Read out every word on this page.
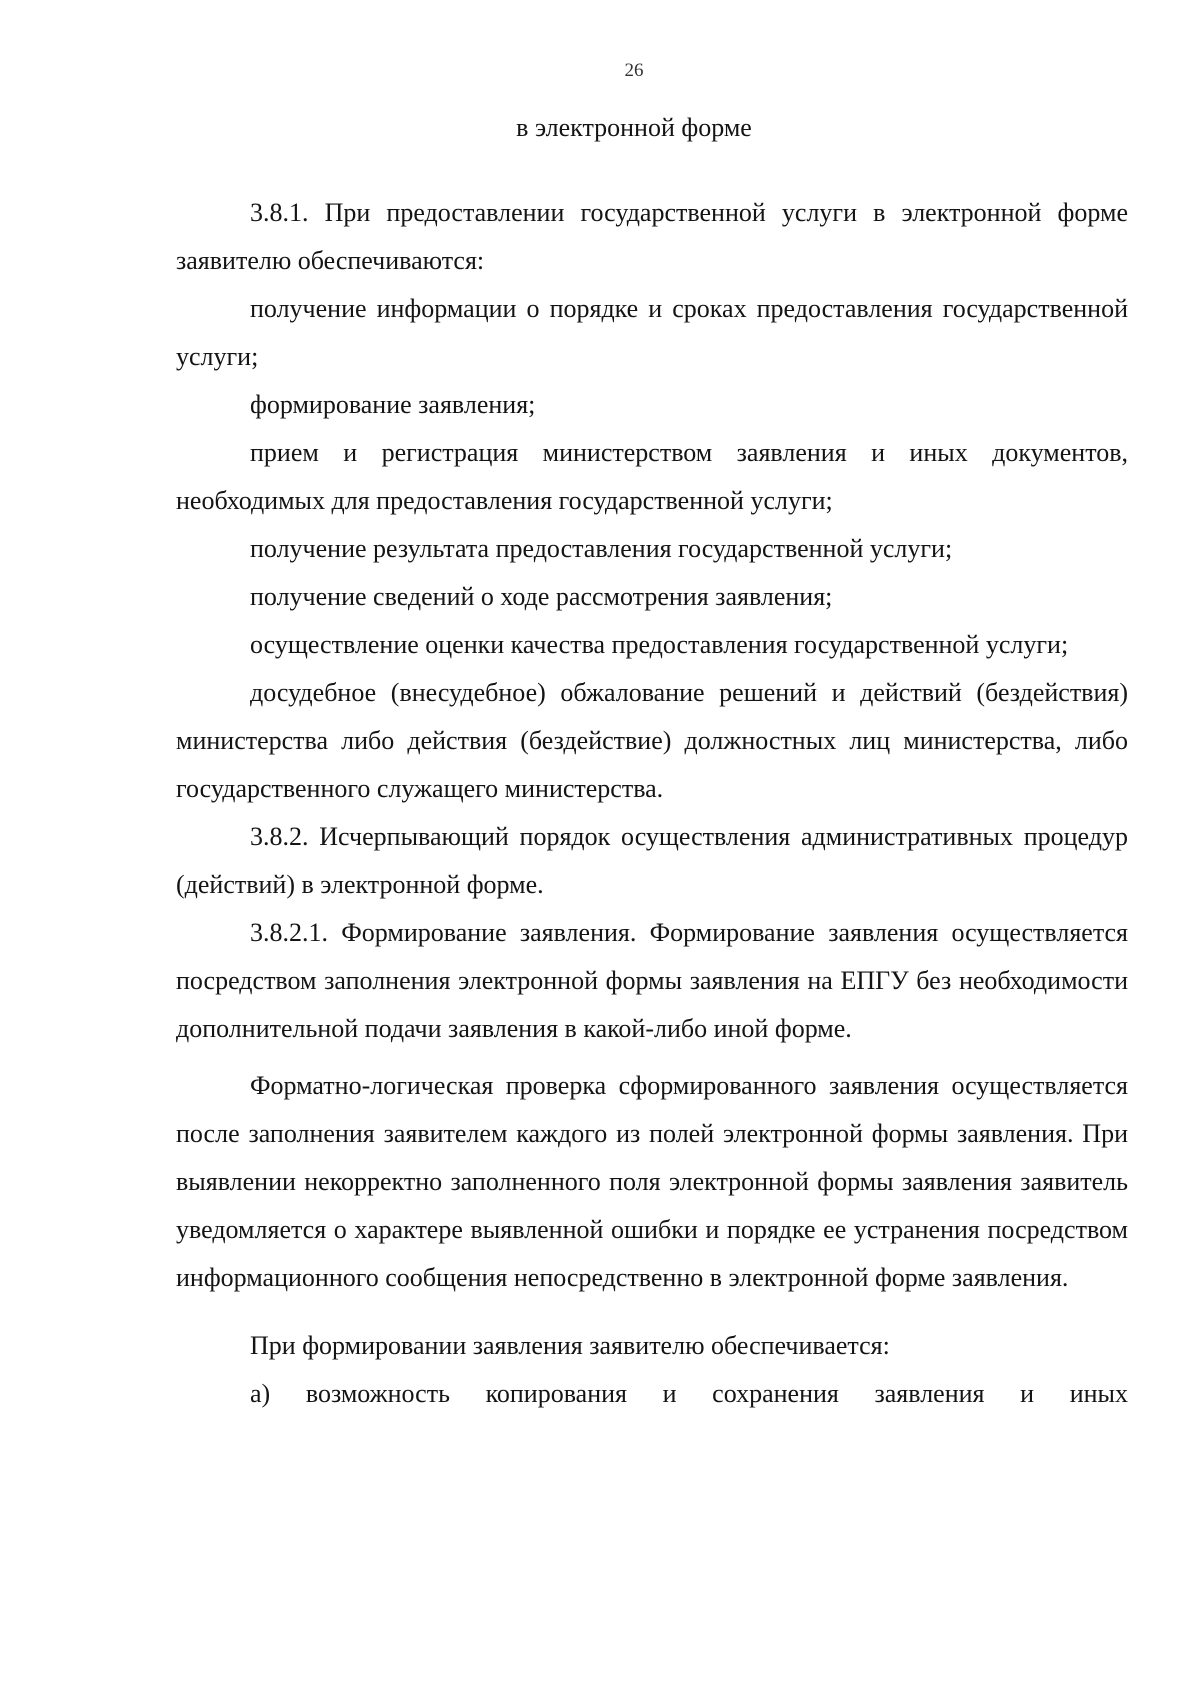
26
в электронной форме

3.8.1. При предоставлении государственной услуги в электронной форме заявителю обеспечиваются:

получение информации о порядке и сроках предоставления государственной услуги;

формирование заявления;

прием и регистрация министерством заявления и иных документов, необходимых для предоставления государственной услуги;

получение результата предоставления государственной услуги;

получение сведений о ходе рассмотрения заявления;

осуществление оценки качества предоставления государственной услуги;

досудебное (внесудебное) обжалование решений и действий (бездействия) министерства либо действия (бездействие) должностных лиц министерства, либо государственного служащего министерства.

3.8.2. Исчерпывающий порядок осуществления административных процедур (действий) в электронной форме.

3.8.2.1. Формирование заявления. Формирование заявления осуществляется посредством заполнения электронной формы заявления на ЕПГУ без необходимости дополнительной подачи заявления в какой-либо иной форме.

Форматно-логическая проверка сформированного заявления осуществляется после заполнения заявителем каждого из полей электронной формы заявления. При выявлении некорректно заполненного поля электронной формы заявления заявитель уведомляется о характере выявленной ошибки и порядке ее устранения посредством информационного сообщения непосредственно в электронной форме заявления.

При формировании заявления заявителю обеспечивается:

а) возможность копирования и сохранения заявления и иных
